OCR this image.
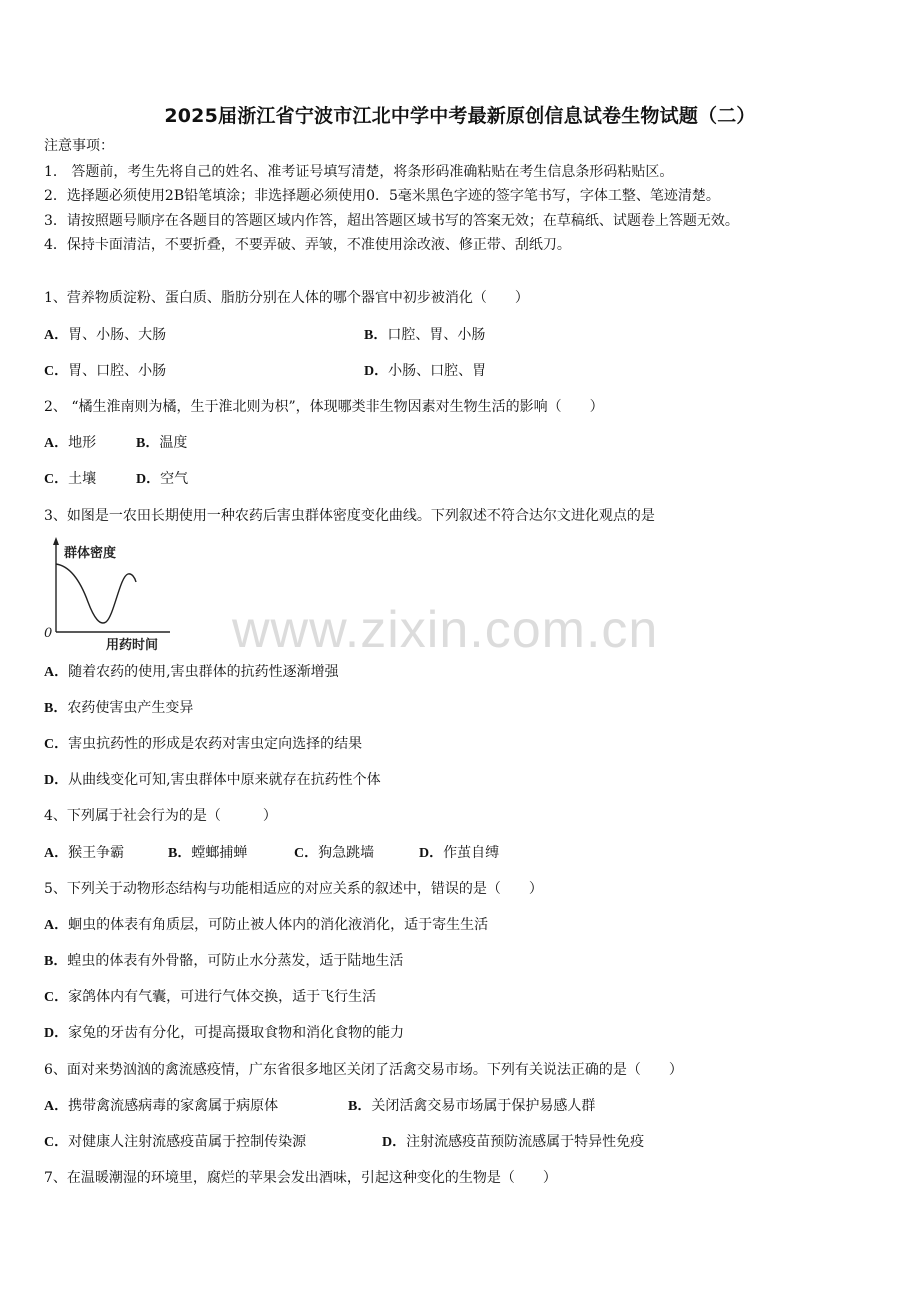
www.zixin.com.cn
2025届浙江省宁波市江北中学中考最新原创信息试卷生物试题（二）
注意事项：
1． 答题前，考生先将自己的姓名、准考证号填写清楚，将条形码准确粘贴在考生信息条形码粘贴区。
2．选择题必须使用2B铅笔填涂；非选择题必须使用0．5毫米黑色字迹的签字笔书写，字体工整、笔迹清楚。
3．请按照题号顺序在各题目的答题区域内作答，超出答题区域书写的答案无效；在草稿纸、试题卷上答题无效。
4．保持卡面清洁，不要折叠，不要弄破、弄皱，不准使用涂改液、修正带、刮纸刀。
1、营养物质淀粉、蛋白质、脂肪分别在人体的哪个器官中初步被消化（　　）
A．胃、小肠、大肠	B．口腔、胃、小肠
C．胃、口腔、小肠	D．小肠、口腔、胃
2、 “橘生淮南则为橘，生于淮北则为枳”，体现哪类非生物因素对生物生活的影响（　　）
A．地形	B．温度
C．土壤	D．空气
3、如图是一农田长期使用一种农药后害虫群体密度变化曲线。下列叙述不符合达尔文进化观点的是
群体密度
0
用药时间
A．随着农药的使用,害虫群体的抗药性逐渐增强
B．农药使害虫产生变异
C．害虫抗药性的形成是农药对害虫定向选择的结果
D．从曲线变化可知,害虫群体中原来就存在抗药性个体
4、下列属于社会行为的是（　　　）
A．猴王争霸	B．螳螂捕蝉	C．狗急跳墙	D．作茧自缚
5、下列关于动物形态结构与功能相适应的对应关系的叙述中，错误的是（　　）
A．蛔虫的体表有角质层，可防止被人体内的消化液消化，适于寄生生活
B．蝗虫的体表有外骨骼，可防止水分蒸发，适于陆地生活
C．家鸽体内有气囊，可进行气体交换，适于飞行生活
D．家兔的牙齿有分化，可提高摄取食物和消化食物的能力
6、面对来势汹汹的禽流感疫情，广东省很多地区关闭了活禽交易市场。下列有关说法正确的是（　　）
A．携带禽流感病毒的家禽属于病原体	B．关闭活禽交易市场属于保护易感人群
C．对健康人注射流感疫苗属于控制传染源	D．注射流感疫苗预防流感属于特异性免疫
7、在温暖潮湿的环境里，腐烂的苹果会发出酒味，引起这种变化的生物是（　　）
